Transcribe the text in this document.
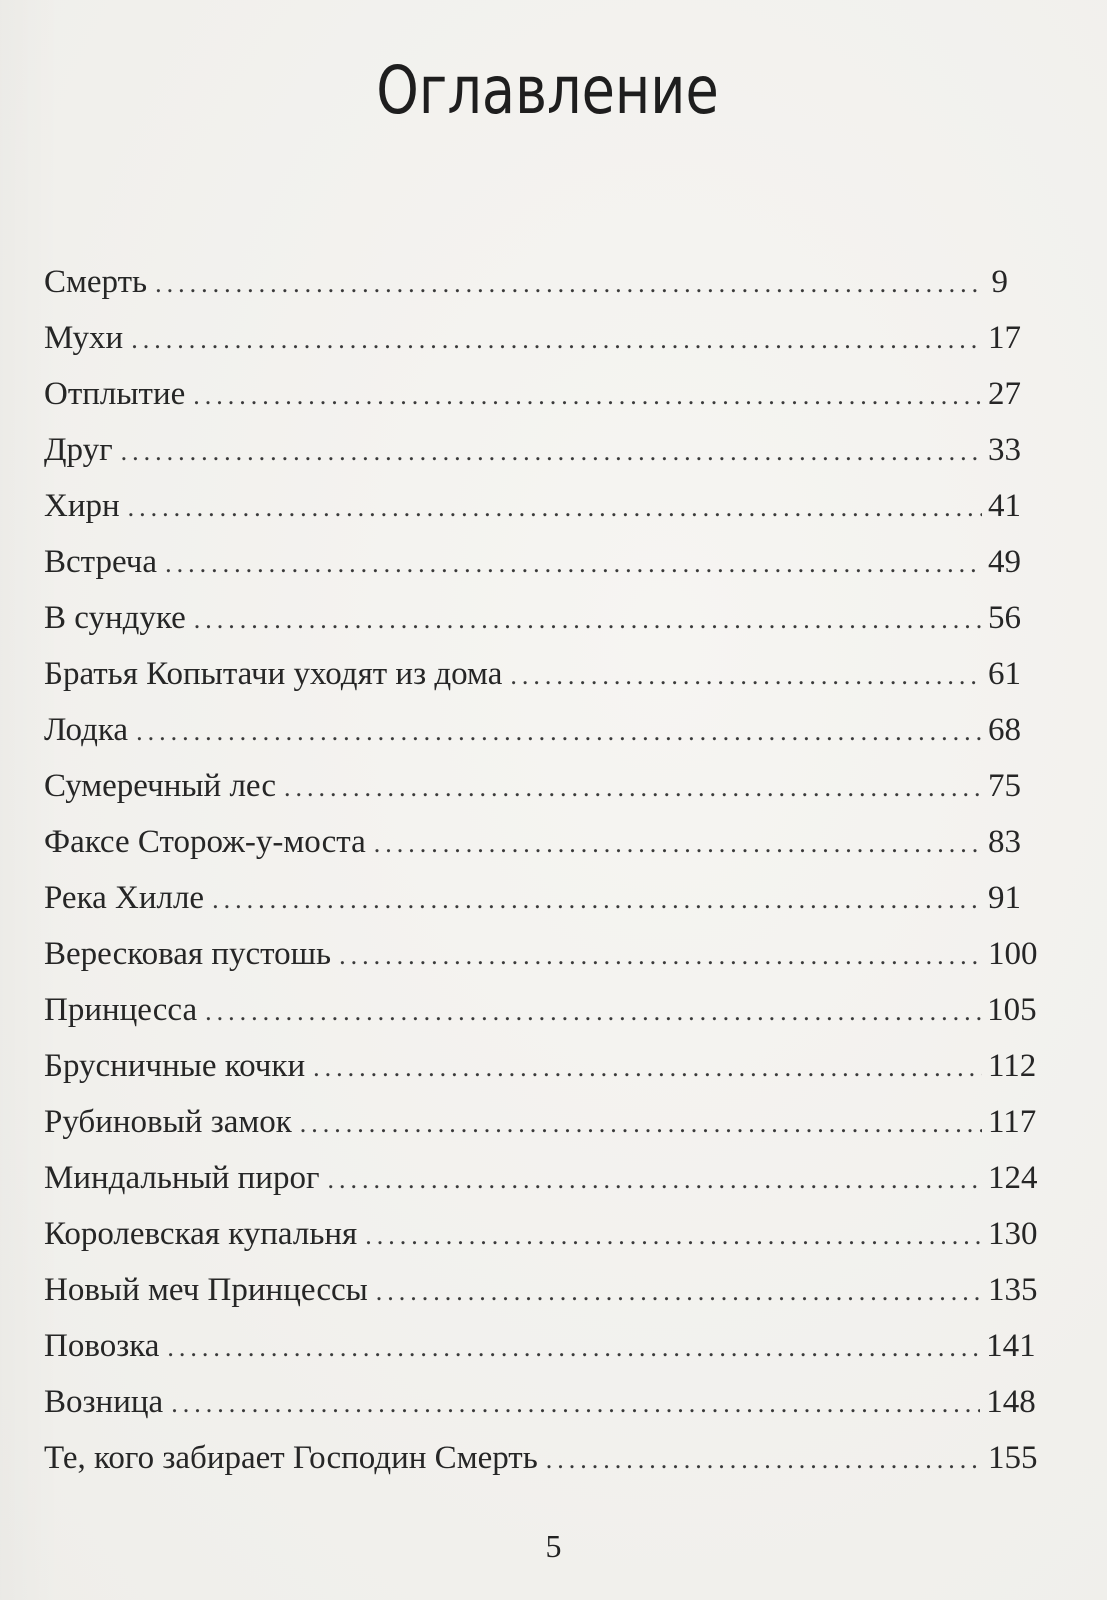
Оглавление
Смерть .....	9
Мухи .....	17
Отплытие .....	27
Друг .....	33
Хирн .....	41
Встреча .....	49
В сундуке .....	56
Братья Копытачи уходят из дома .....	61
Лодка .....	68
Сумеречный лес .....	75
Факсе Сторож-у-моста .....	83
Река Хилле .....	91
Вересковая пустошь .....	100
Принцесса .....	105
Брусничные кочки .....	112
Рубиновый замок .....	117
Миндальный пирог .....	124
Королевская купальня .....	130
Новый меч Принцессы .....	135
Повозка .....	141
Возница .....	148
Те, кого забирает Господин Смерть .....	155
5
